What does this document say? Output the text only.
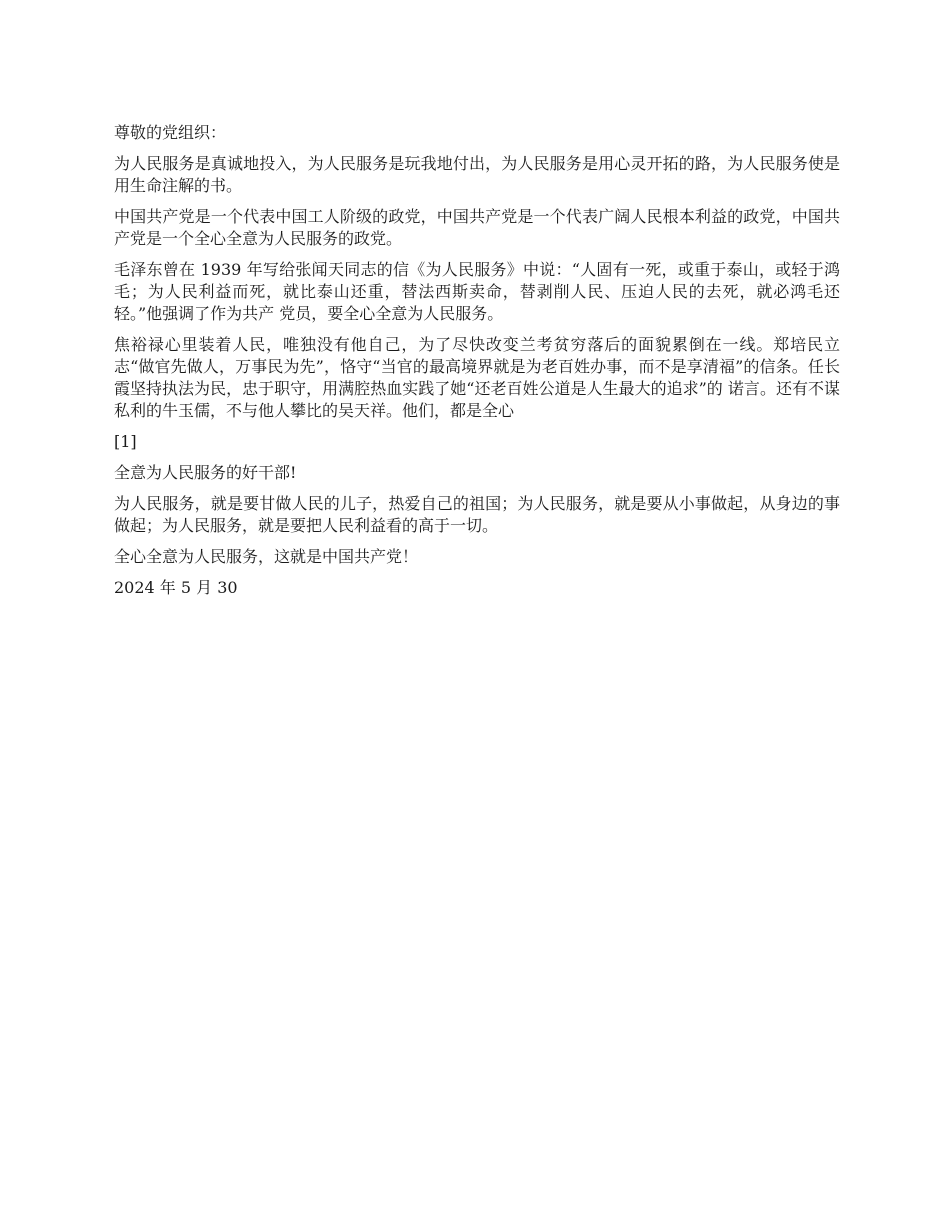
尊敬的党组织：

为人民服务是真诚地投入，为人民服务是玩我地付出，为人民服务是用心灵开拓的路，为人民服务使是用生命注解的书。

中国共产党是一个代表中国工人阶级的政党，中国共产党是一个代表广阔人民根本利益的政党，中国共产党是一个全心全意为人民服务的政党。

毛泽东曾在 1939 年写给张闻天同志的信《为人民服务》中说：“人固有一死，或重于泰山，或轻于鸿毛；为人民利益而死，就比泰山还重，替法西斯卖命，替剥削人民、压迫人民的去死，就必鸿毛还轻。”他强调了作为共产 党员，要全心全意为人民服务。

焦裕禄心里装着人民，唯独没有他自己，为了尽快改变兰考贫穷落后的面貌累倒在一线。郑培民立志“做官先做人，万事民为先”，恪守“当官的最高境界就是为老百姓办事，而不是享清福”的信条。任长霞坚持执法为民，忠于职守，用满腔热血实践了她“还老百姓公道是人生最大的追求”的 诺言。还有不谋私利的牛玉儒，不与他人攀比的吴天祥。他们，都是全心

[1]

全意为人民服务的好干部!

为人民服务，就是要甘做人民的儿子，热爱自己的祖国；为人民服务，就是要从小事做起，从身边的事做起；为人民服务，就是要把人民利益看的高于一切。

全心全意为人民服务，这就是中国共产党！

2024 年 5 月 30
